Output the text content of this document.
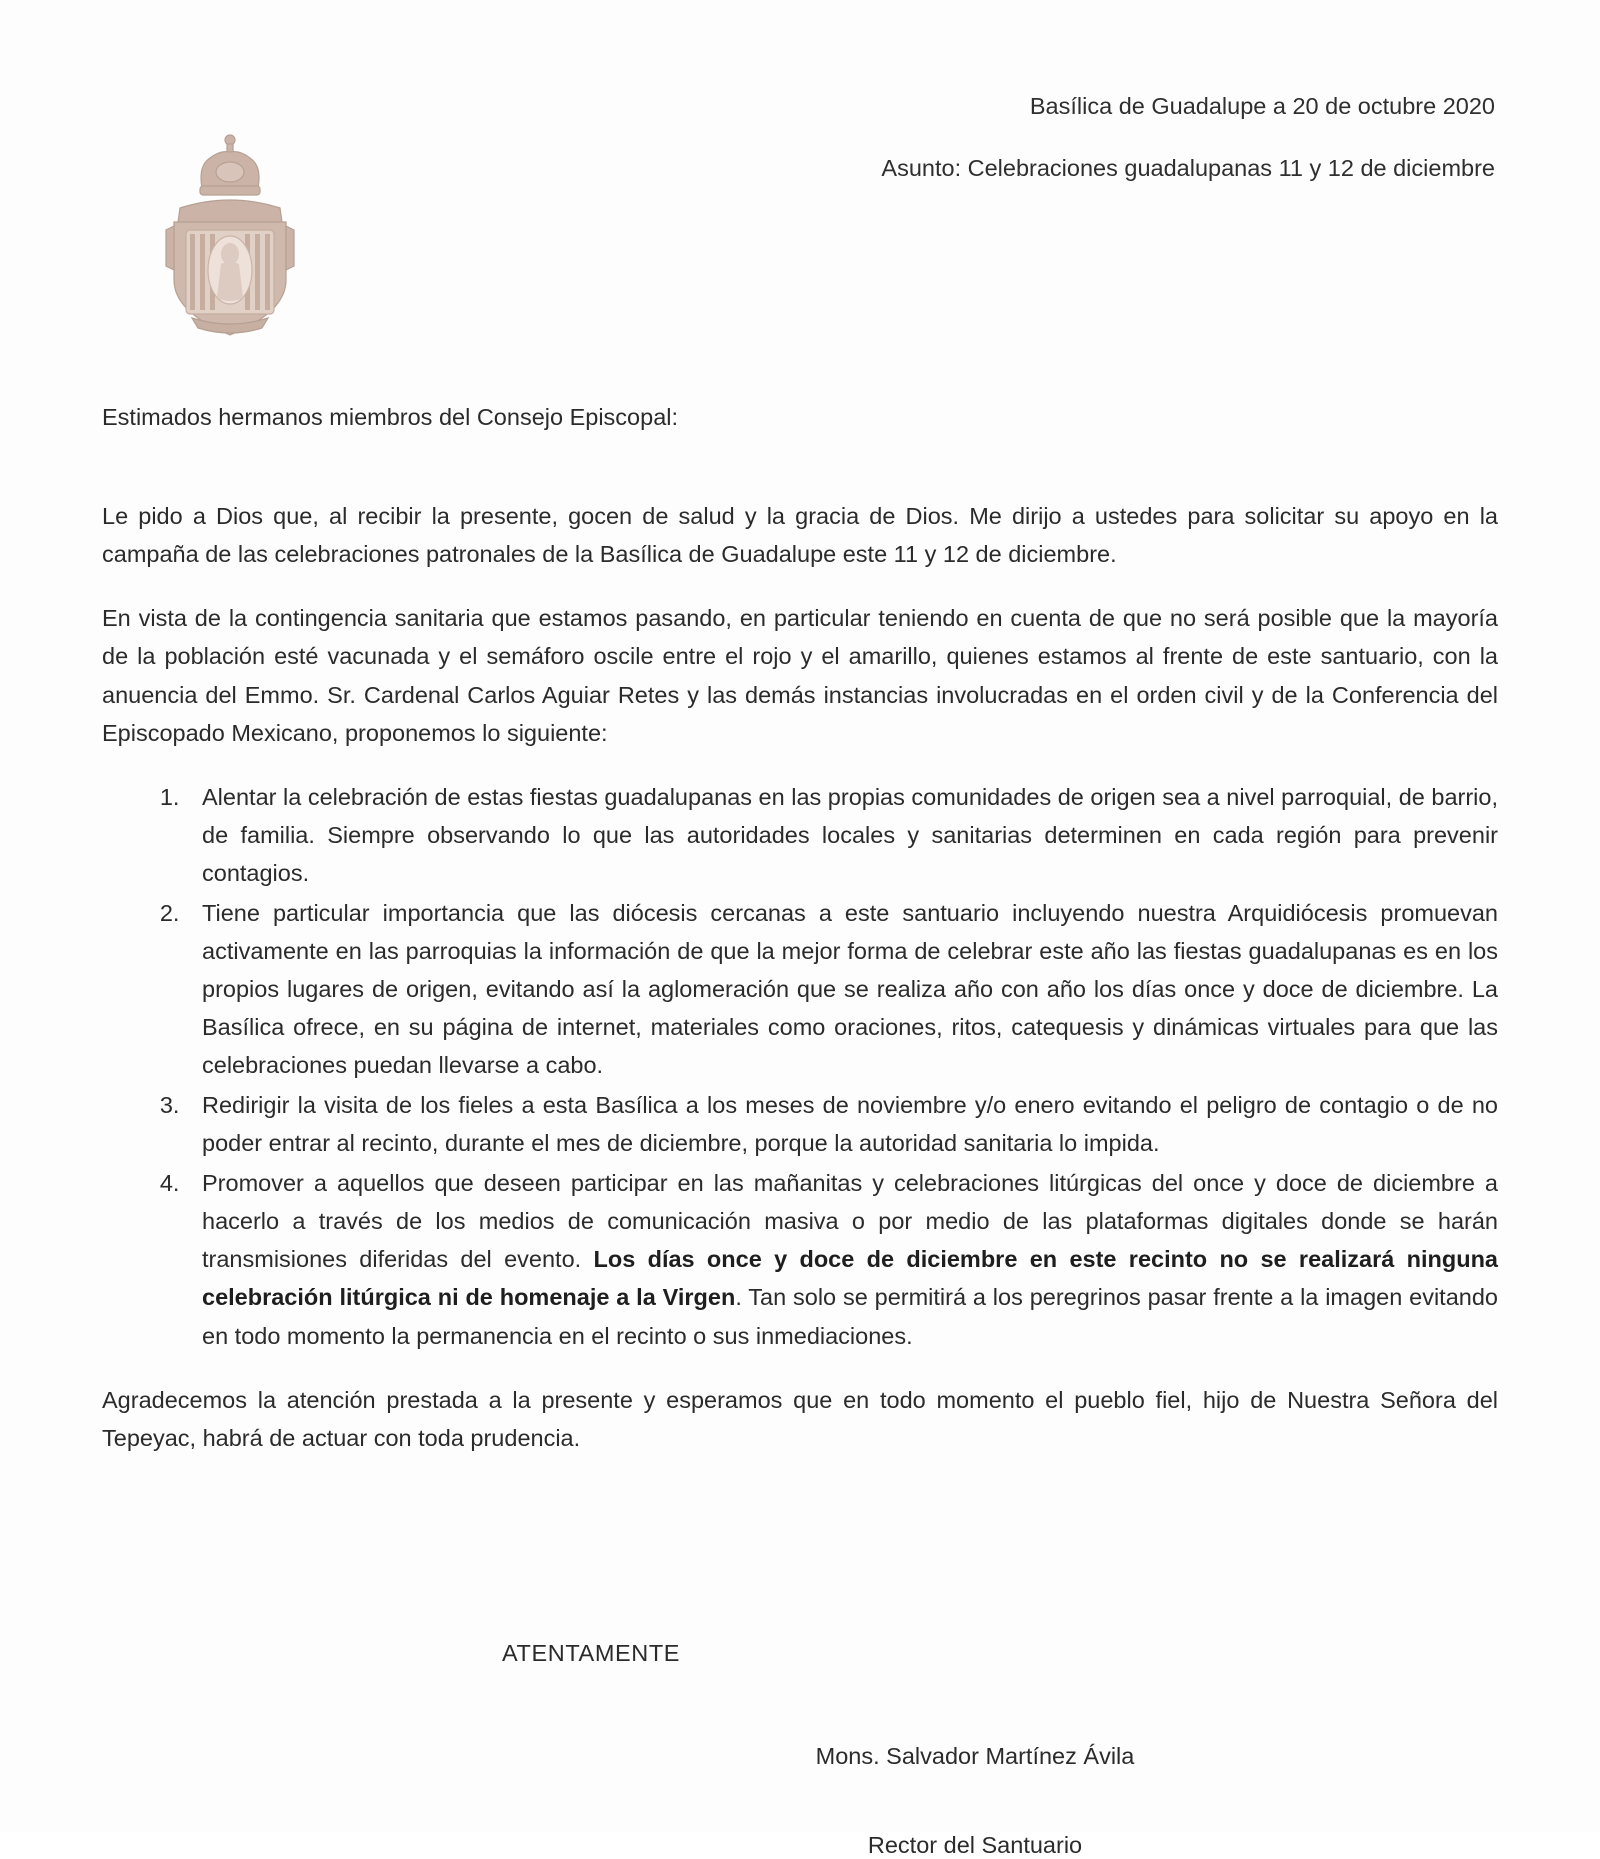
Basílica de Guadalupe a 20 de octubre 2020
Asunto: Celebraciones guadalupanas 11 y 12 de diciembre
Estimados hermanos miembros del Consejo Episcopal:

Le pido a Dios que, al recibir la presente, gocen de salud y la gracia de Dios. Me dirijo a ustedes para solicitar su apoyo en la campaña de las celebraciones patronales de la Basílica de Guadalupe este 11 y 12 de diciembre.

En vista de la contingencia sanitaria que estamos pasando, en particular teniendo en cuenta de que no será posible que la mayoría de la población esté vacunada y el semáforo oscile entre el rojo y el amarillo, quienes estamos al frente de este santuario, con la anuencia del Emmo. Sr. Cardenal Carlos Aguiar Retes y las demás instancias involucradas en el orden civil y de la Conferencia del Episcopado Mexicano, proponemos lo siguiente:

1. Alentar la celebración de estas fiestas guadalupanas en las propias comunidades de origen sea a nivel parroquial, de barrio, de familia. Siempre observando lo que las autoridades locales y sanitarias determinen en cada región para prevenir contagios.
2. Tiene particular importancia que las diócesis cercanas a este santuario incluyendo nuestra Arquidiócesis promuevan activamente en las parroquias la información de que la mejor forma de celebrar este año las fiestas guadalupanas es en los propios lugares de origen, evitando así la aglomeración que se realiza año con año los días once y doce de diciembre. La Basílica ofrece, en su página de internet, materiales como oraciones, ritos, catequesis y dinámicas virtuales para que las celebraciones puedan llevarse a cabo.
3. Redirigir la visita de los fieles a esta Basílica a los meses de noviembre y/o enero evitando el peligro de contagio o de no poder entrar al recinto, durante el mes de diciembre, porque la autoridad sanitaria lo impida.
4. Promover a aquellos que deseen participar en las mañanitas y celebraciones litúrgicas del once y doce de diciembre a hacerlo a través de los medios de comunicación masiva o por medio de las plataformas digitales donde se harán transmisiones diferidas del evento. Los días once y doce de diciembre en este recinto no se realizará ninguna celebración litúrgica ni de homenaje a la Virgen. Tan solo se permitirá a los peregrinos pasar frente a la imagen evitando en todo momento la permanencia en el recinto o sus inmediaciones.

Agradecemos la atención prestada a la presente y esperamos que en todo momento el pueblo fiel, hijo de Nuestra Señora del Tepeyac, habrá de actuar con toda prudencia.

ATENTAMENTE
Mons. Salvador Martínez Ávila
Rector del Santuario
